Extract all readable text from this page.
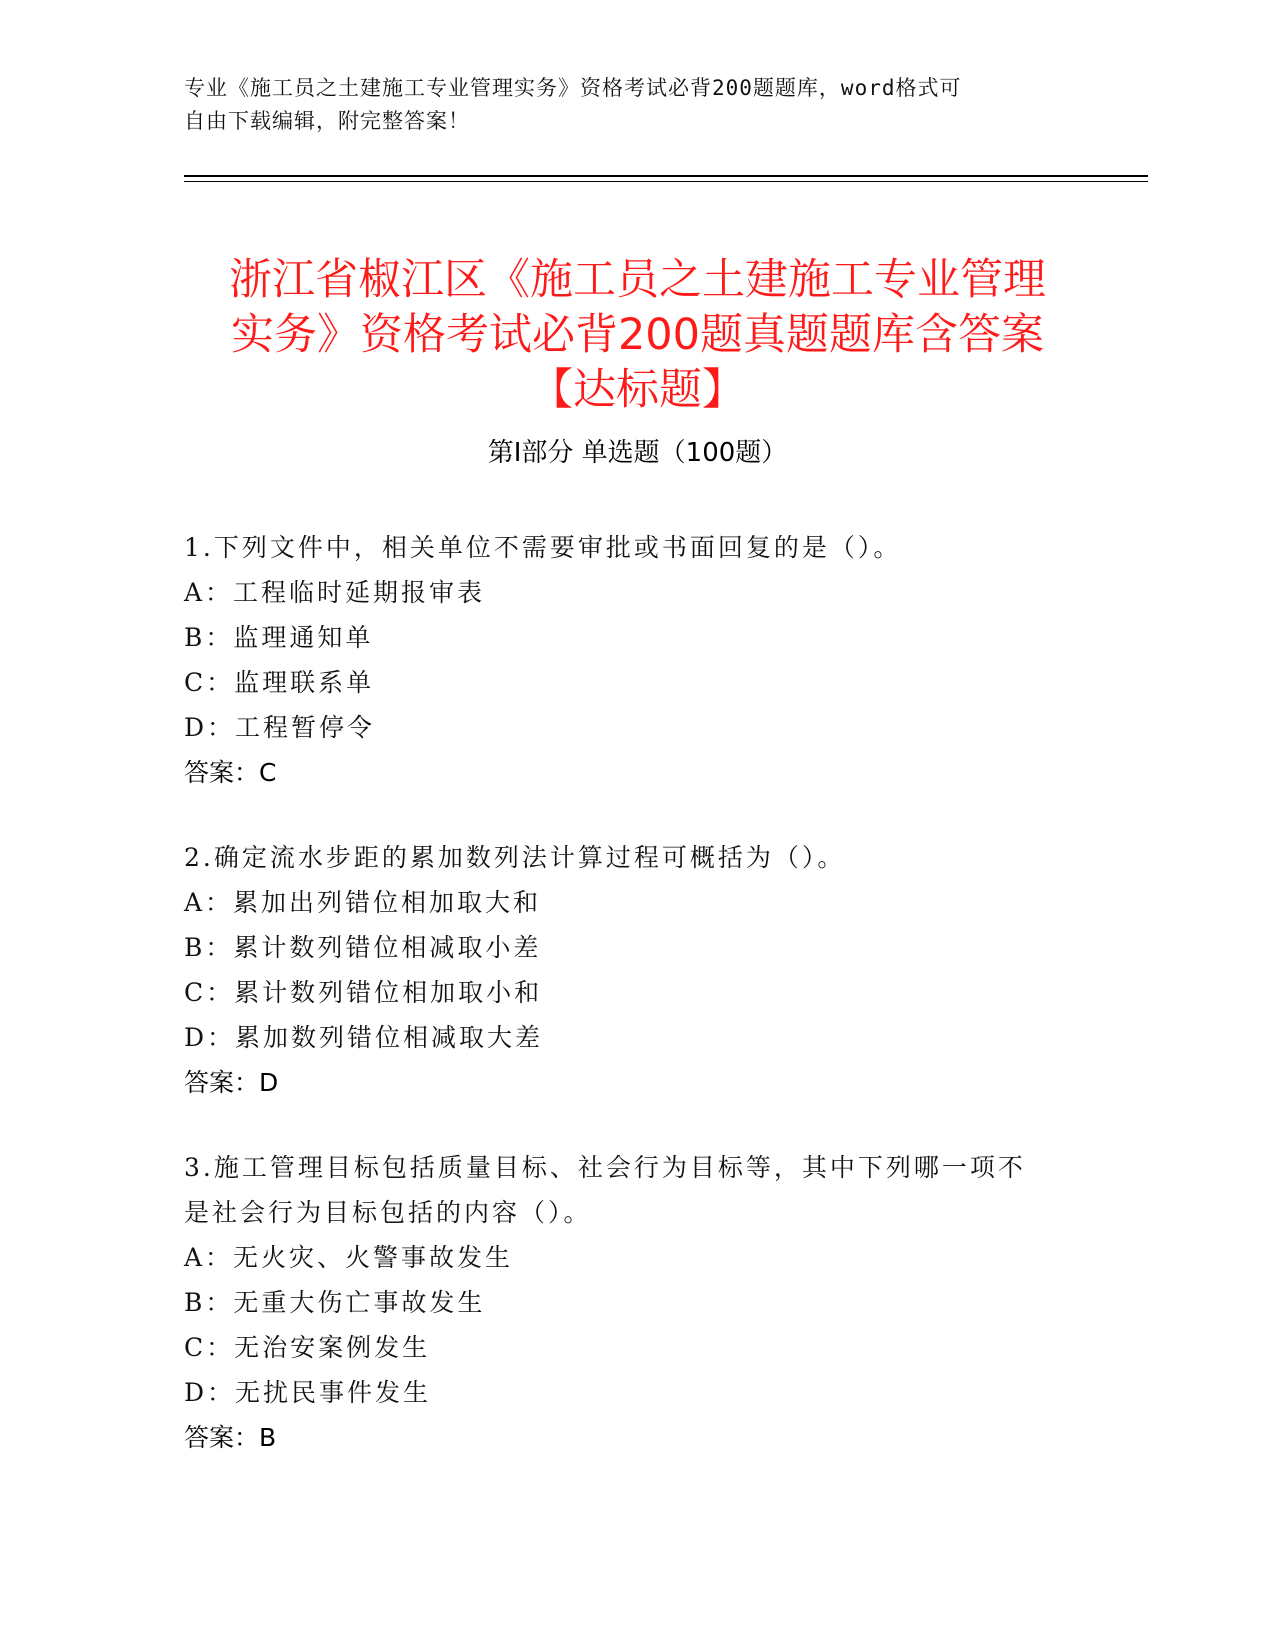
专业《施工员之土建施工专业管理实务》资格考试必背200题题库，word格式可
自由下载编辑，附完整答案！
浙江省椒江区《施工员之土建施工专业管理
实务》资格考试必背200题真题题库含答案
【达标题】
第Ⅰ部分 单选题（100题）
1.下列文件中，相关单位不需要审批或书面回复的是（）。
A：工程临时延期报审表
B：监理通知单
C：监理联系单
D：工程暂停令
答案：C
2.确定流水步距的累加数列法计算过程可概括为（）。
A：累加出列错位相加取大和
B：累计数列错位相减取小差
C：累计数列错位相加取小和
D：累加数列错位相减取大差
答案：D
3.施工管理目标包括质量目标、社会行为目标等，其中下列哪一项不
是社会行为目标包括的内容（）。
A：无火灾、火警事故发生
B：无重大伤亡事故发生
C：无治安案例发生
D：无扰民事件发生
答案：B
